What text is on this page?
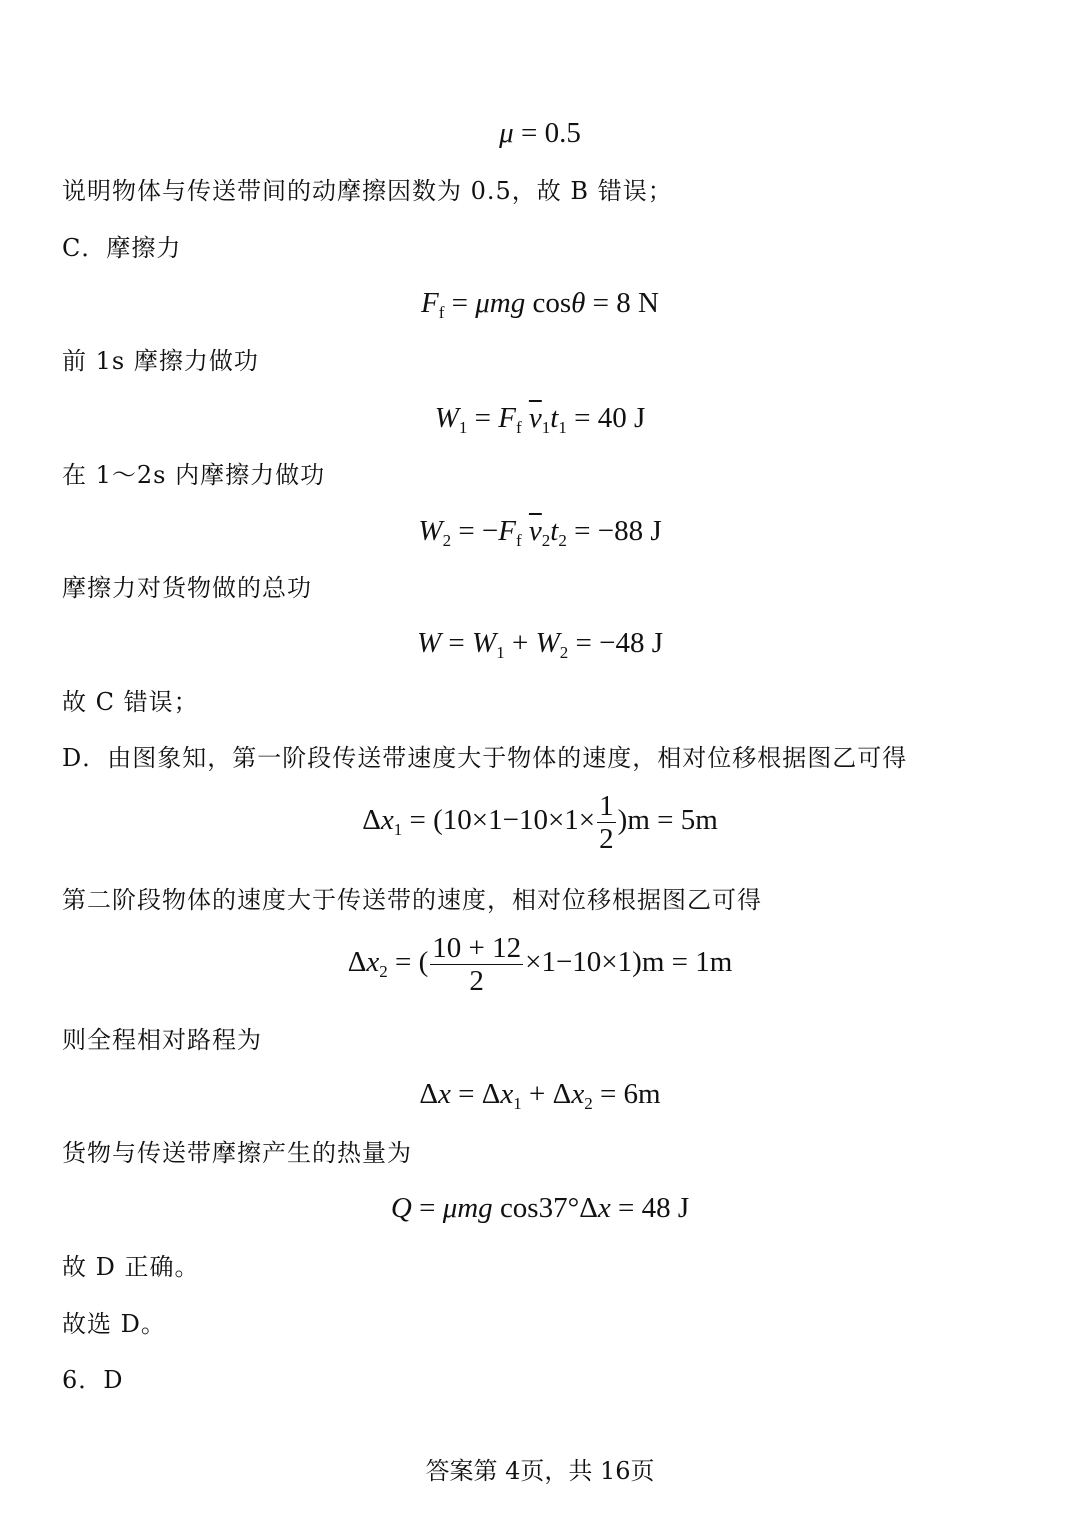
μ = 0.5
说明物体与传送带间的动摩擦因数为 0.5，故 B 错误；
C．摩擦力
$F_f = \mu mg$ cosθ = 8 N
前 1s 摩擦力做功
$W_1 = F_f$ $\overline{v}_1t_1 = 40$ J
在 1～2s 内摩擦力做功
$W_2 = -F_f$ $\overline{v}_2t_2 = -88$ J
摩擦力对货物做的总功
$W = W_1 + W_2 = -48$ J
故 C 错误；
D．由图象知，第一阶段传送带速度大于物体的速度，相对位移根据图乙可得
$\Delta x_1 = (10\times 1-10\times 1\times \frac{1}{2} )m = 5m$
第二阶段物体的速度大于传送带的速度，相对位移根据图乙可得
$\Delta x_2$ = ( $\frac{10 + 12}{2} \times 1-10\times 1)m = 1m$
则全程相对路程为
$\Delta x = \Delta x_1 + \Delta x_2 = 6m$
货物与传送带摩擦产生的热量为
Q = μmg cos37°Δx = 48 J
故 D 正确。
故选 D。
6．D
答案第 4页，共 16页
